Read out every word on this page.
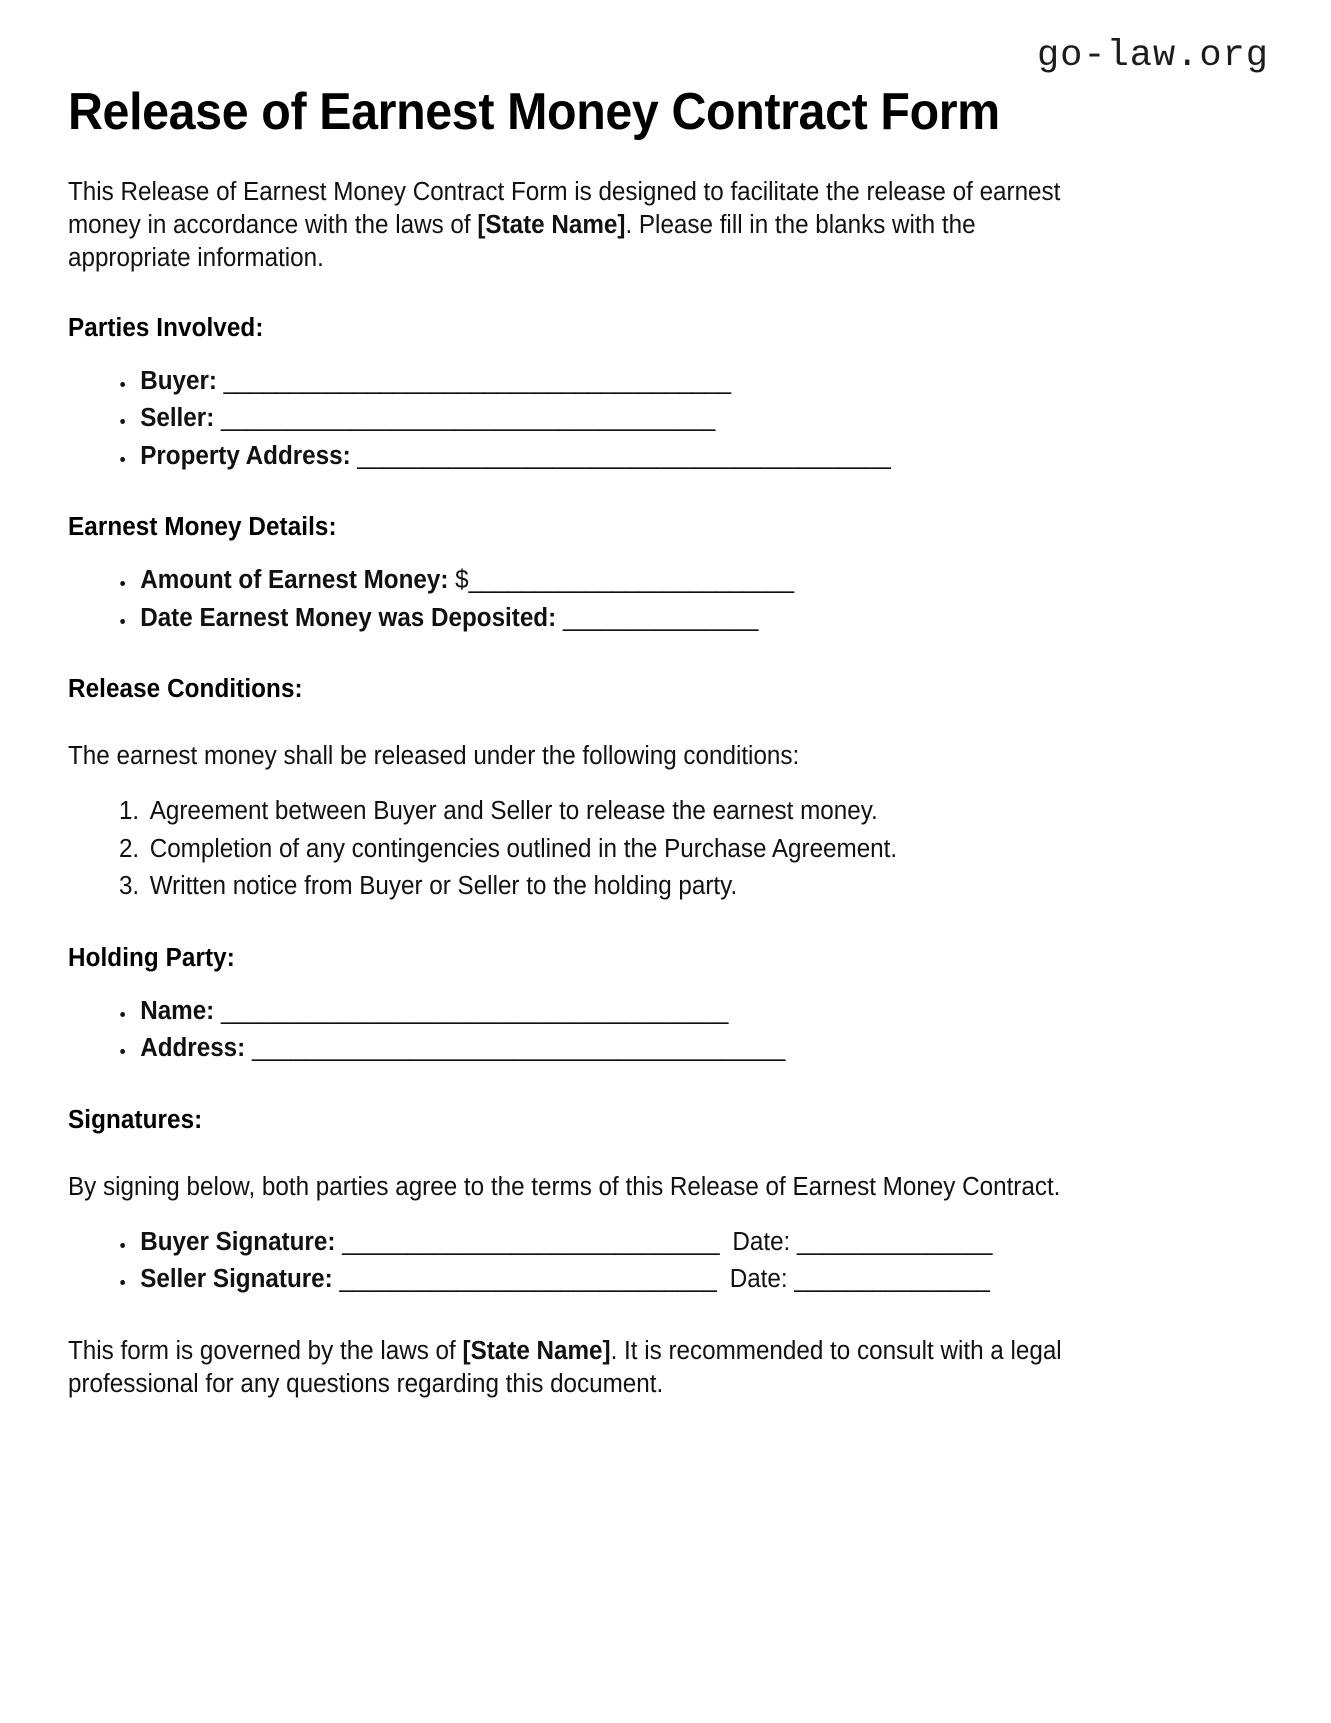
go-law.org
Release of Earnest Money Contract Form

This Release of Earnest Money Contract Form is designed to facilitate the release of earnest money in accordance with the laws of [State Name]. Please fill in the blanks with the appropriate information.

Parties Involved:
• Buyer: _______________________________________
• Seller: ______________________________________
• Property Address: _________________________________________
Earnest Money Details:
• Amount of Earnest Money: $_________________________
• Date Earnest Money was Deposited: _______________
Release Conditions:

The earnest money shall be released under the following conditions:

1. Agreement between Buyer and Seller to release the earnest money.
2. Completion of any contingencies outlined in the Purchase Agreement.
3. Written notice from Buyer or Seller to the holding party.
Holding Party:
• Name: _______________________________________
• Address: _________________________________________
Signatures:

By signing below, both parties agree to the terms of this Release of Earnest Money Contract.

• Buyer Signature: _____________________________ Date: _______________
• Seller Signature: _____________________________ Date: _______________

This form is governed by the laws of [State Name]. It is recommended to consult with a legal professional for any questions regarding this document.
